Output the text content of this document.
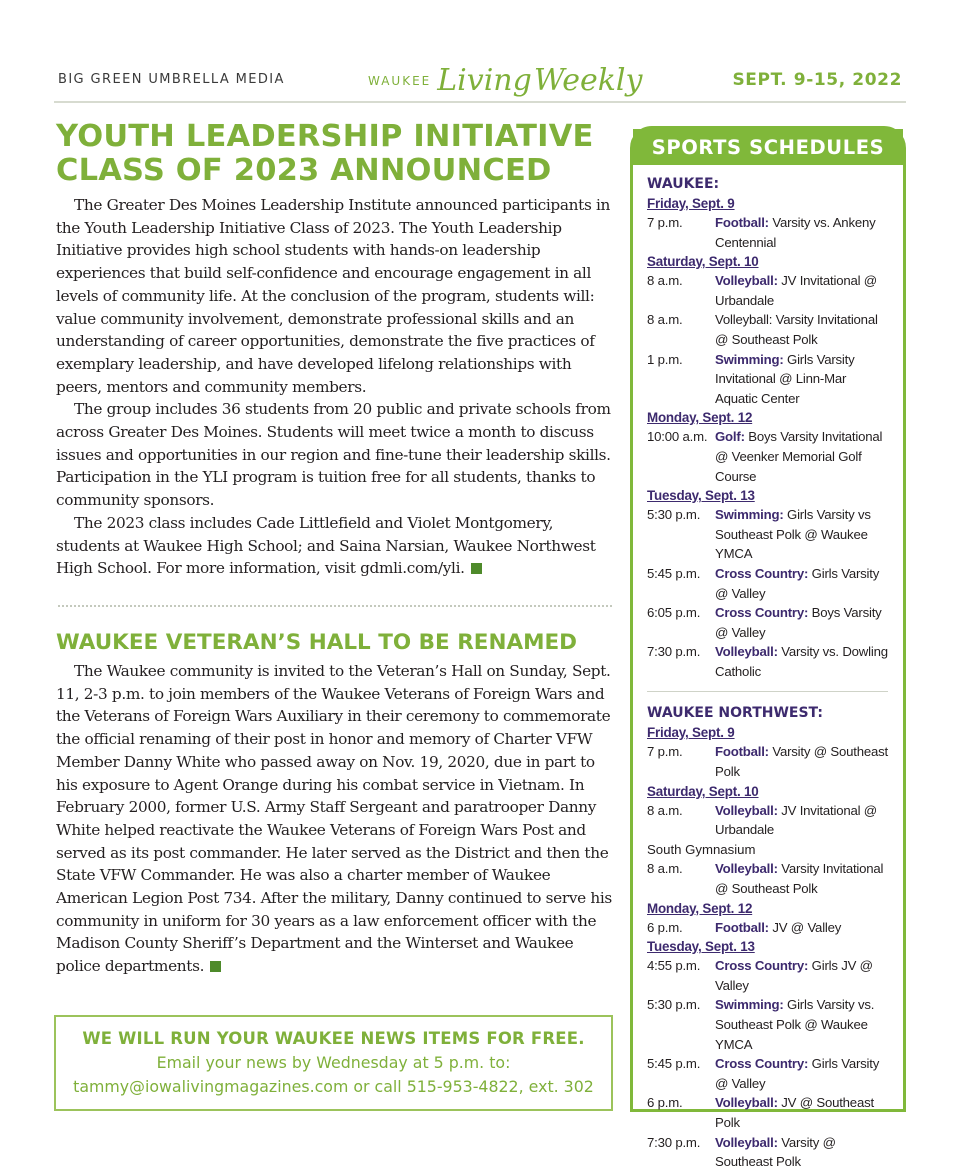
BIG GREEN UMBRELLA MEDIA	WAUKEE Living Weekly	SEPT. 9-15, 2022
YOUTH LEADERSHIP INITIATIVE
CLASS OF 2023 ANNOUNCED

The Greater Des Moines Leadership Institute announced participants in the Youth Leadership Initiative Class of 2023. The Youth Leadership Initiative provides high school students with hands-on leadership experiences that build self-confidence and encourage engagement in all levels of community life. At the conclusion of the program, students will: value community involvement, demonstrate professional skills and an understanding of career opportunities, demonstrate the five practices of exemplary leadership, and have developed lifelong relationships with peers, mentors and community members.

The group includes 36 students from 20 public and private schools from across Greater Des Moines. Students will meet twice a month to discuss issues and opportunities in our region and fine-tune their leadership skills. Participation in the YLI program is tuition free for all students, thanks to community sponsors.

The 2023 class includes Cade Littlefield and Violet Montgomery, students at Waukee High School; and Saina Narsian, Waukee Northwest High School. For more information, visit gdmli.com/yli.

WAUKEE VETERAN’S HALL TO BE RENAMED

The Waukee community is invited to the Veteran’s Hall on Sunday, Sept. 11, 2-3 p.m. to join members of the Waukee Veterans of Foreign Wars and the Veterans of Foreign Wars Auxiliary in their ceremony to commemorate the official renaming of their post in honor and memory of Charter VFW Member Danny White who passed away on Nov. 19, 2020, due in part to his exposure to Agent Orange during his combat service in Vietnam. In February 2000, former U.S. Army Staff Sergeant and paratrooper Danny White helped reactivate the Waukee Veterans of Foreign Wars Post and served as its post commander. He later served as the District and then the State VFW Commander. He was also a charter member of Waukee American Legion Post 734. After the military, Danny continued to serve his community in uniform for 30 years as a law enforcement officer with the Madison County Sheriff’s Department and the Winterset and Waukee police departments.

WE WILL RUN YOUR WAUKEE NEWS ITEMS FOR FREE.
Email your news by Wednesday at 5 p.m. to:
tammy@iowalivingmagazines.com or call 515-953-4822, ext. 302
SPORTS SCHEDULES
WAUKEE:
Friday, Sept. 9
7 p.m.	Football: Varsity vs. Ankeny Centennial
Saturday, Sept. 10
8 a.m.	Volleyball: JV Invitational @ Urbandale
8 a.m.	Volleyball: Varsity Invitational @ Southeast Polk
1 p.m.	Swimming: Girls Varsity Invitational @ Linn-Mar Aquatic Center
Monday, Sept. 12
10:00 a.m. Golf: Boys Varsity Invitational @ Veenker Memorial Golf Course
Tuesday, Sept. 13
5:30 p.m.	Swimming: Girls Varsity vs Southeast Polk @ Waukee YMCA
5:45 p.m.	Cross Country: Girls Varsity @ Valley
6:05 p.m.	Cross Country: Boys Varsity @ Valley
7:30 p.m.	Volleyball: Varsity vs. Dowling Catholic
WAUKEE NORTHWEST:
Friday, Sept. 9
7 p.m.	Football: Varsity @ Southeast Polk
Saturday, Sept. 10
8 a.m.	Volleyball: JV Invitational @ Urbandale
South Gymnasium
8 a.m.	Volleyball: Varsity Invitational @ Southeast Polk
Monday, Sept. 12
6 p.m.	Football: JV @ Valley
Tuesday, Sept. 13
4:55 p.m.	Cross Country: Girls JV @ Valley
5:30 p.m.	Swimming: Girls Varsity vs. Southeast Polk @ Waukee YMCA
5:45 p.m.	Cross Country: Girls Varsity @ Valley
6 p.m.	Volleyball: JV @ Southeast Polk
7:30 p.m.	Volleyball: Varsity @ Southeast Polk
